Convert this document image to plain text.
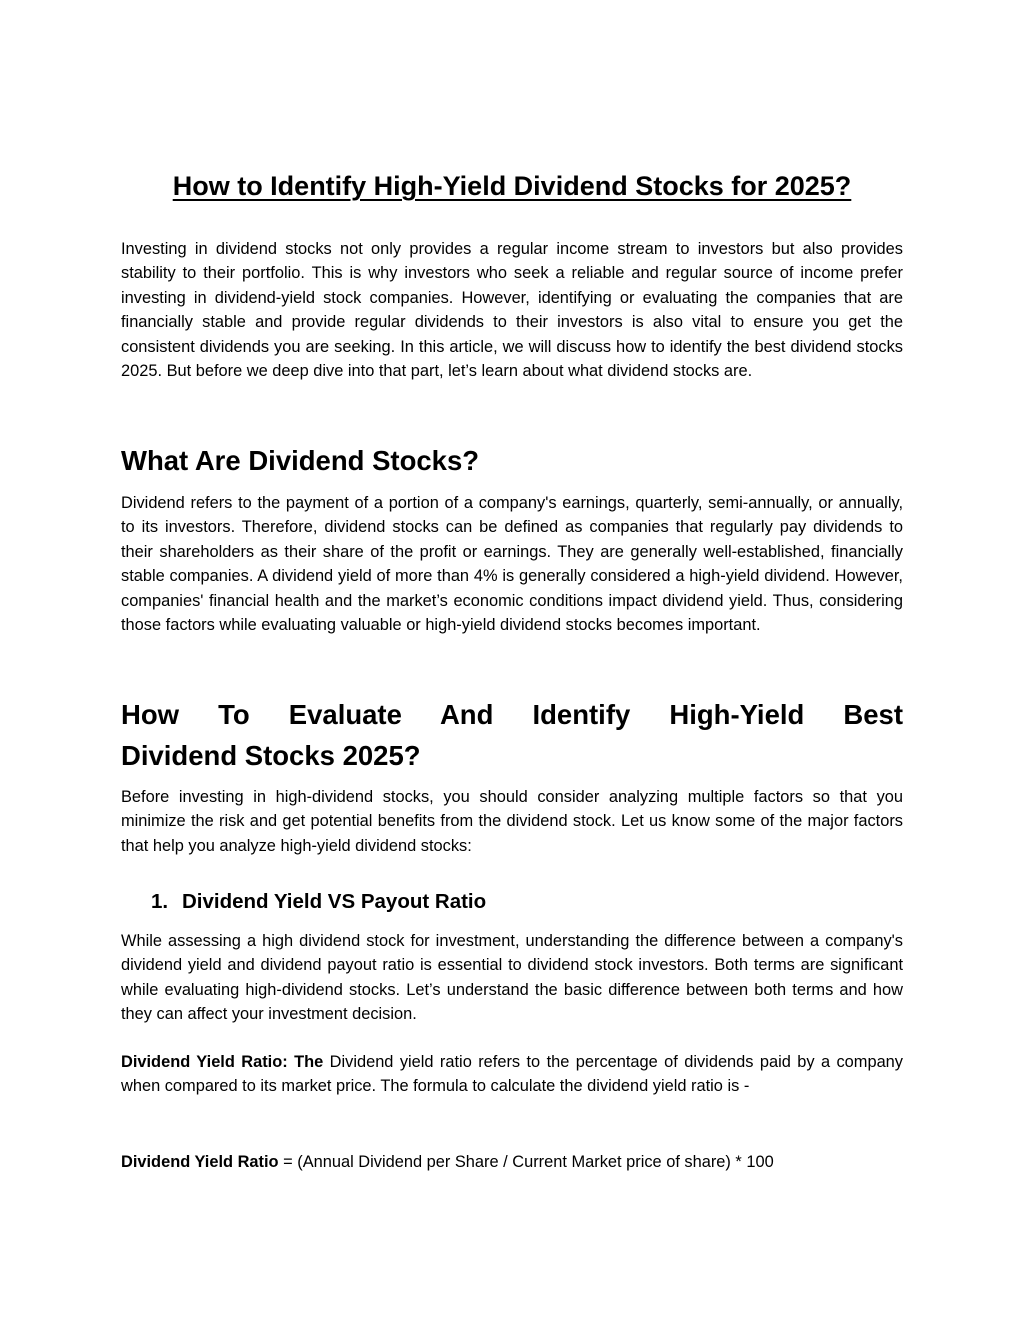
How to Identify High-Yield Dividend Stocks for 2025?

Investing in dividend stocks not only provides a regular income stream to investors but also provides stability to their portfolio. This is why investors who seek a reliable and regular source of income prefer investing in dividend-yield stock companies. However, identifying or evaluating the companies that are financially stable and provide regular dividends to their investors is also vital to ensure you get the consistent dividends you are seeking. In this article, we will discuss how to identify the best dividend stocks 2025. But before we deep dive into that part, let’s learn about what dividend stocks are.

What Are Dividend Stocks?

Dividend refers to the payment of a portion of a company's earnings, quarterly, semi-annually, or annually, to its investors. Therefore, dividend stocks can be defined as companies that regularly pay dividends to their shareholders as their share of the profit or earnings. They are generally well-established, financially stable companies. A dividend yield of more than 4% is generally considered a high-yield dividend. However, companies' financial health and the market’s economic conditions impact dividend yield. Thus, considering those factors while evaluating valuable or high-yield dividend stocks becomes important.

How To Evaluate And Identify High-Yield Best
Dividend Stocks 2025?

Before investing in high-dividend stocks, you should consider analyzing multiple factors so that you minimize the risk and get potential benefits from the dividend stock. Let us know some of the major factors that help you analyze high-yield dividend stocks:

1. Dividend Yield VS Payout Ratio

While assessing a high dividend stock for investment, understanding the difference between a company's dividend yield and dividend payout ratio is essential to dividend stock investors. Both terms are significant while evaluating high-dividend stocks. Let’s understand the basic difference between both terms and how they can affect your investment decision.

Dividend Yield Ratio: The Dividend yield ratio refers to the percentage of dividends paid by a company when compared to its market price. The formula to calculate the dividend yield ratio is -

Dividend Yield Ratio = (Annual Dividend per Share / Current Market price of share) * 100
